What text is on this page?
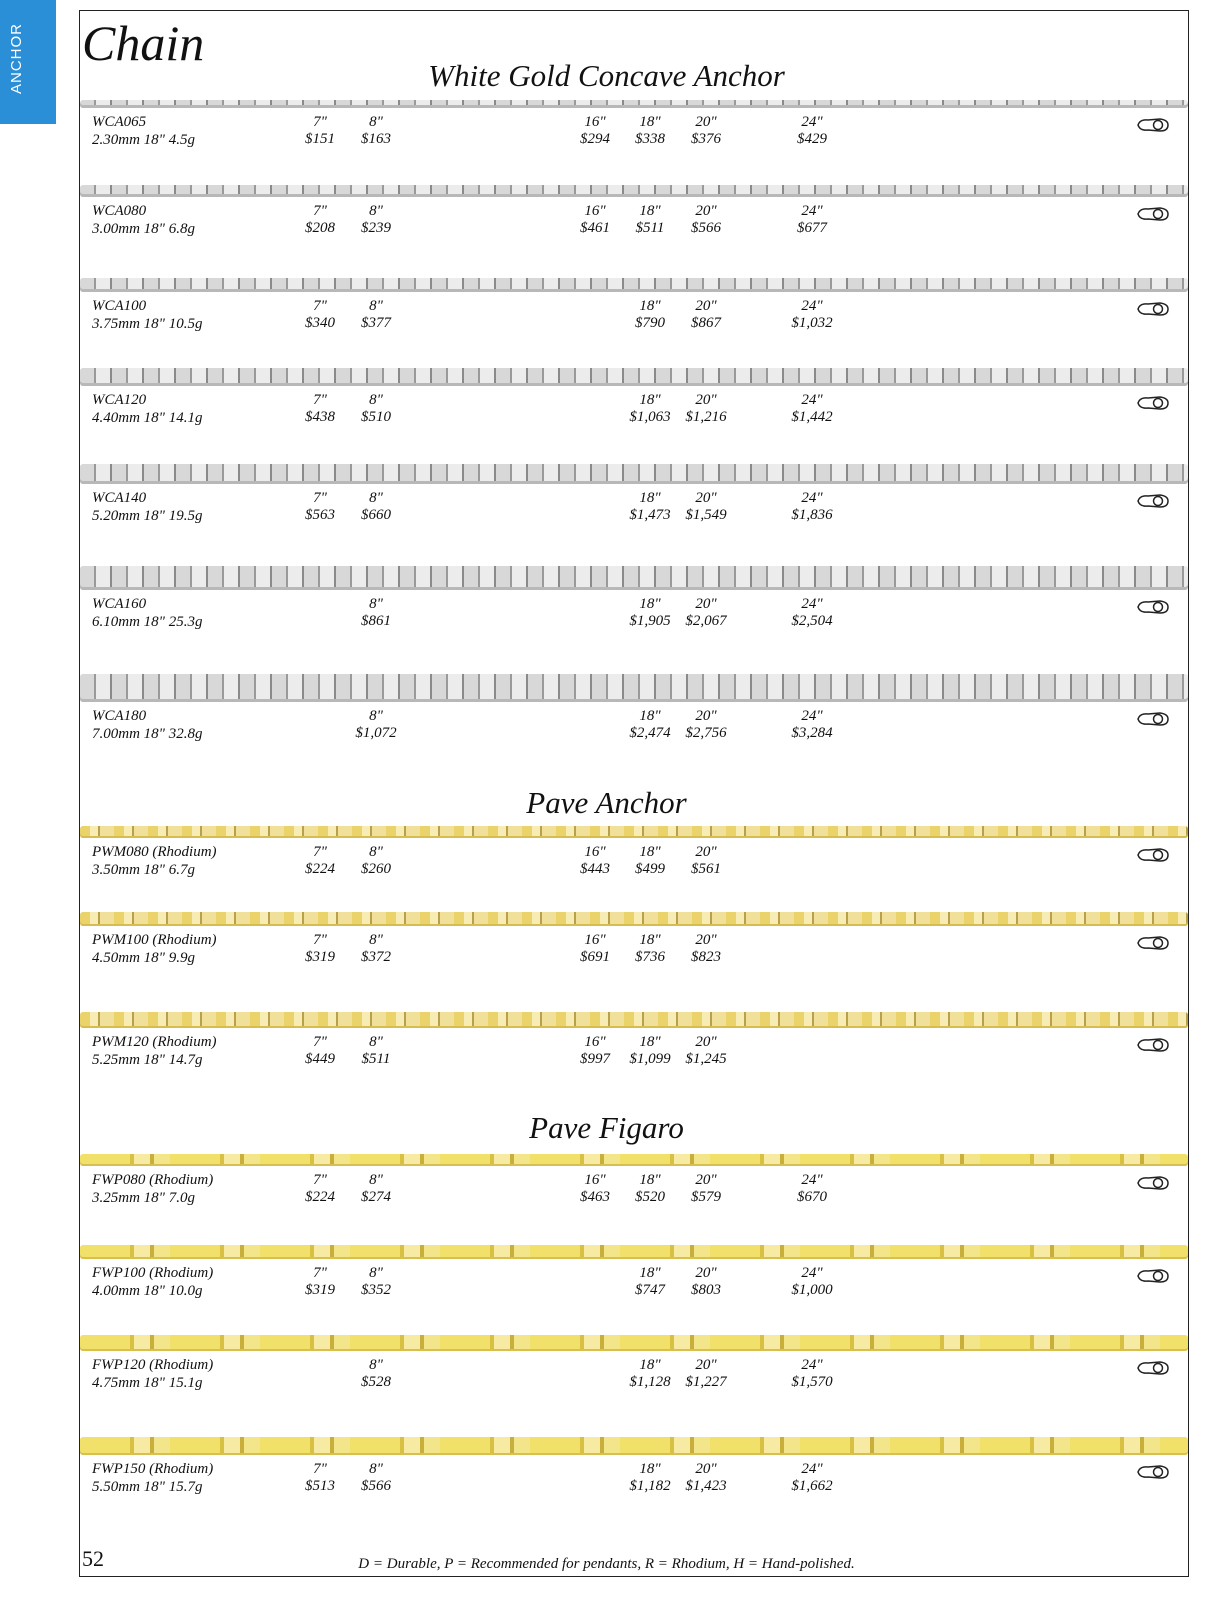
ANCHOR Chain
White Gold Concave Anchor
WCA065
2.30mm 18" 4.5g
7"
$151
8"
$163
16"
$294
18"
$338
20"
$376
24"
$429
WCA080
3.00mm 18" 6.8g
7"
$208
8"
$239
16"
$461
18"
$511
20"
$566
24"
$677
WCA100
3.75mm 18" 10.5g
7"
$340
8"
$377
18"
$790
20"
$867
24"
$1,032
WCA120
4.40mm 18" 14.1g
7"
$438
8"
$510
18"
$1,063
20"
$1,216
24"
$1,442
WCA140
5.20mm 18" 19.5g
7"
$563
8"
$660
18"
$1,473
20"
$1,549
24"
$1,836
WCA160
6.10mm 18" 25.3g
8"
$861
18"
$1,905
20"
$2,067
24"
$2,504
WCA180
7.00mm 18" 32.8g
8"
$1,072
18"
$2,474
20"
$2,756
24"
$3,284
Pave Anchor
PWM080 (Rhodium)
3.50mm 18" 6.7g
7"
$224
8"
$260
16"
$443
18"
$499
20"
$561
PWM100 (Rhodium)
4.50mm 18" 9.9g
7"
$319
8"
$372
16"
$691
18"
$736
20"
$823
PWM120 (Rhodium)
5.25mm 18" 14.7g
7"
$449
8"
$511
16"
$997
18"
$1,099
20"
$1,245
Pave Figaro
FWP080 (Rhodium)
3.25mm 18" 7.0g
7"
$224
8"
$274
16"
$463
18"
$520
20"
$579
24"
$670
FWP100 (Rhodium)
4.00mm 18" 10.0g
7"
$319
8"
$352
18"
$747
20"
$803
24"
$1,000
FWP120 (Rhodium)
4.75mm 18" 15.1g
8"
$528
18"
$1,128
20"
$1,227
24"
$1,570
FWP150 (Rhodium)
5.50mm 18" 15.7g
7"
$513
8"
$566
18"
$1,182
20"
$1,423
24"
$1,662
52	D = Durable, P = Recommended for pendants, R = Rhodium, H = Hand-polished.
